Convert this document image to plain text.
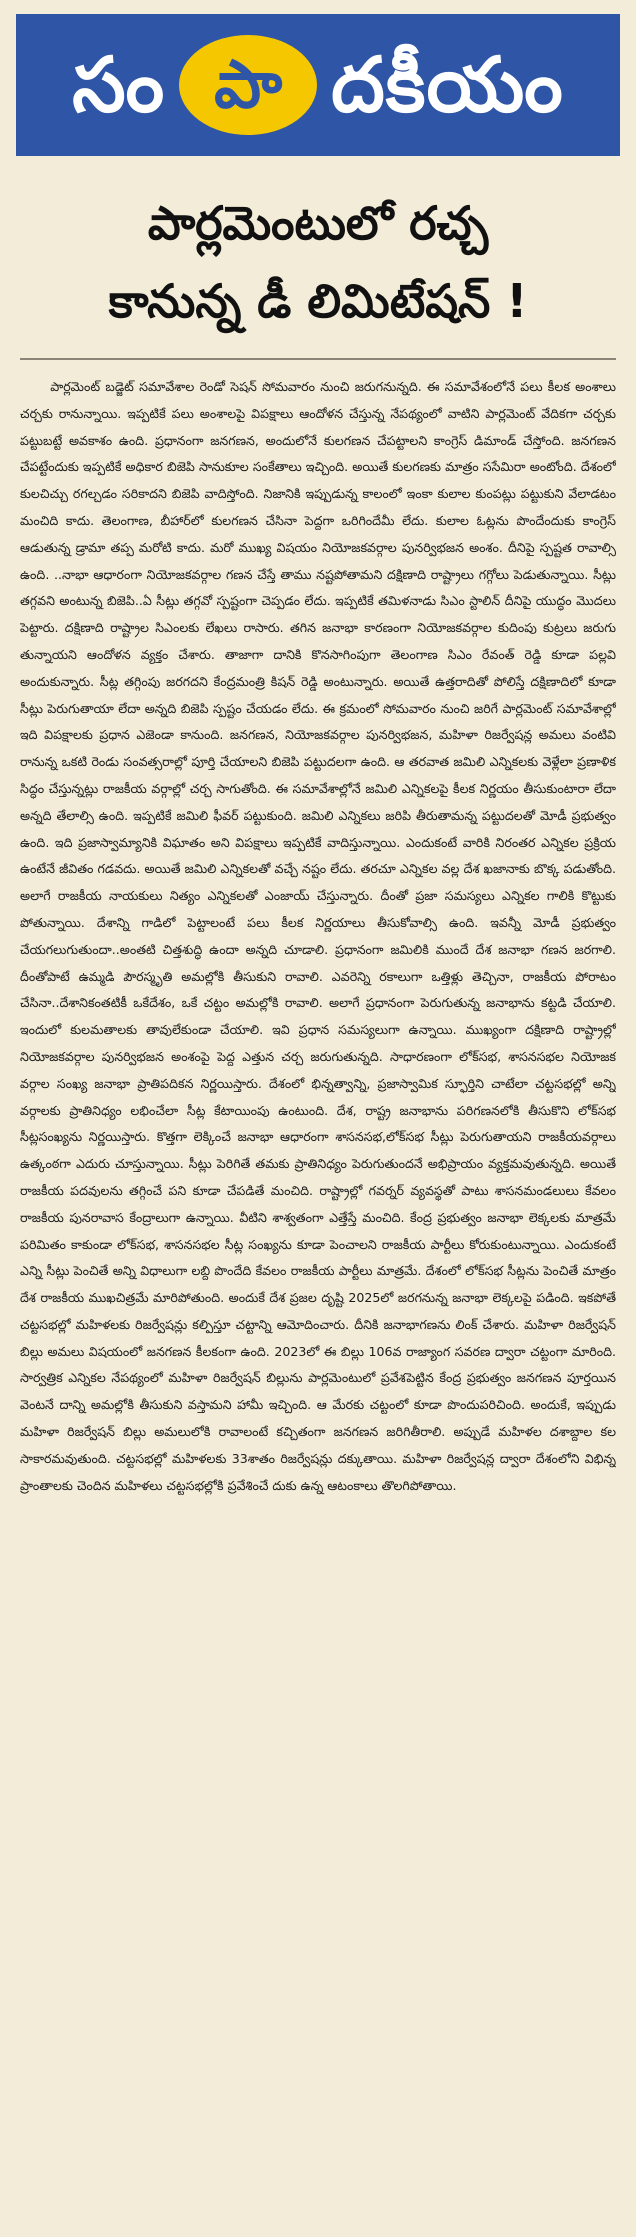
సం పా దకీయం
పార్లమెంటులో రచ్చ
కానున్న డీ లిమిటేషన్ !

పార్లమెంట్ బడ్జెట్ సమావేశాల రెండో సెషన్ సోమవారం నుంచి జరుగనున్నది. ఈ సమావేశంలోనే పలు కీలక అంశాలు చర్చకు రానున్నాయి. ఇప్పటికే పలు అంశాలపై విపక్షాలు ఆందోళన చేస్తున్న నేపథ్యంలో వాటిని పార్లమెంట్ వేదికగా చర్చకు పట్టుబట్టే అవకాశం ఉంది. ప్రధానంగా జనగణన, అందులోనే కులగణన చేపట్టాలని కాంగ్రెస్ డిమాండ్ చేస్తోంది. జనగణన చేపట్టేందుకు ఇప్పటికే అధికార బిజెపి సానుకూల సంకేతాలు ఇచ్చింది. అయితే కులగణకు మాత్రం ససేమిరా అంటోంది. దేశంలో కులచిచ్చు రగల్చడం సరికాదని బిజెపి వాదిస్తోంది. నిజానికి ఇప్పుడున్న కాలంలో ఇంకా కులాల కుంపట్లు పట్టుకుని వేలాడటం మంచిది కాదు. తెలంగాణ, బీహార్‌లో కులగణన చేసినా పెద్దగా ఒరిగిందేమీ లేదు. కులాల ఓట్లను పొందేందుకు కాంగ్రెస్ ఆడుతున్న డ్రామా తప్ప మరోటి కాదు. మరో ముఖ్య విషయం నియోజకవర్గాల పునర్విభజన అంశం. దీనిపై స్పష్టత రావాల్సి ఉంది. ..నాభా ఆధారంగా నియోజకవర్గాల గణన చేస్తే తాము నష్టపోతామని దక్షిణాది రాష్ట్రాలు గగ్గోలు పెడుతున్నాయి. సీట్లు తగ్గవని అంటున్న బిజెపి..ఏ సీట్లు తగ్గవో స్పష్టంగా చెప్పడం లేదు. ఇప్పటికే తమిళనాడు సిఎం స్టాలిన్ దీనిపై యుద్ధం మొదలు పెట్టారు. దక్షిణాది రాష్ట్రాల సిఎంలకు లేఖలు రాసారు. తగిన జనాభా కారణంగా నియోజకవర్గాల కుదింపు కుట్రలు జరుగు తున్నాయని ఆందోళన వ్యక్తం చేశారు. తాజాగా దానికి కొనసాగింపుగా తెలంగాణ సిఎం రేవంత్ రెడ్డి కూడా పల్లవి అందుకున్నారు. సీట్ల తగ్గింపు జరగదని కేంద్రమంత్రి కిషన్ రెడ్డి అంటున్నారు. అయితే ఉత్తరాదితో పోలిస్తే దక్షిణాదిలో కూడా సీట్లు పెరుగుతాయా లేదా అన్నది బిజెపి స్పష్టం చేయడం లేదు. ఈ క్రమంలో సోమవారం నుంచి జరిగే పార్లమెంట్ సమావేశాల్లో ఇది విపక్షాలకు ప్రధాన ఎజెండా కానుంది. జనగణన, నియోజకవర్గాల పునర్విభజన, మహిళా రిజర్వేషన్ల అమలు వంటివి రానున్న ఒకటి రెండు సంవత్సరాల్లో పూర్తి చేయాలని బిజెపి పట్టుదలగా ఉంది. ఆ తరవాత జమిలి ఎన్నికలకు వెళ్లేలా ప్రణాళిక సిద్ధం చేస్తున్నట్లు రాజకీయ వర్గాల్లో చర్చ సాగుతోంది. ఈ సమావేశాల్లోనే జమిలి ఎన్నికలపై కీలక నిర్ణయం తీసుకుంటారా లేదా అన్నది తేలాల్సి ఉంది. ఇప్పటికే జమిలి ఫీవర్ పట్టుకుంది. జమిలి ఎన్నికలు జరిపి తీరుతామన్న పట్టుదలతో మోడీ ప్రభుత్వం ఉంది. ఇది ప్రజాస్వామ్యానికి విఘాతం అని విపక్షాలు ఇప్పటికే వాదిస్తున్నాయి. ఎందుకంటే వారికి నిరంతర ఎన్నికల ప్రక్రియ ఉంటేనే జీవితం గడవదు. అయితే జమిలి ఎన్నికలతో వచ్చే నష్టం లేదు. తరచూ ఎన్నికల వల్ల దేశ ఖజానాకు బొక్క పడుతోంది. అలాగే రాజకీయ నాయకులు నిత్యం ఎన్నికలతో ఎంజాయ్ చేస్తున్నారు. దీంతో ప్రజా సమస్యలు ఎన్నికల గాలికి కొట్టుకు పోతున్నాయి. దేశాన్ని గాడిలో పెట్టాలంటే పలు కీలక నిర్ణయాలు తీసుకోవాల్సి ఉంది. ఇవన్నీ మోడీ ప్రభుత్వం చేయగలుగుతుందా..అంతటి చిత్తశుద్ధి ఉందా అన్నది చూడాలి. ప్రధానంగా జమిలికి ముందే దేశ జనాభా గణన జరగాలి. దీంతోపాటే ఉమ్మడి పౌరస్మృతి అమల్లోకి తీసుకుని రావాలి. ఎవరెన్ని రకాలుగా ఒత్తిళ్లు తెచ్చినా, రాజకీయ పోరాటం చేసినా..దేశానికంతటికీ ఒకేదేశం, ఒకే చట్టం అమల్లోకి రావాలి. అలాగే ప్రధానంగా పెరుగుతున్న జనాభాను కట్టడి చేయాలి. ఇందులో కులమతాలకు తావులేకుండా చేయాలి. ఇవి ప్రధాన సమస్యలుగా ఉన్నాయి. ముఖ్యంగా దక్షిణాది రాష్ట్రాల్లో నియోజకవర్గాల పునర్విభజన అంశంపై పెద్ద ఎత్తున చర్చ జరుగుతున్నది. సాధారణంగా లోక్‌సభ, శాసనసభల నియోజక వర్గాల సంఖ్య జనాభా ప్రాతిపదికన నిర్ణయిస్తారు. దేశంలో భిన్నత్వాన్ని, ప్రజాస్వామిక స్ఫూర్తిని చాటేలా చట్టసభల్లో అన్ని వర్గాలకు ప్రాతినిధ్యం లభించేలా సీట్ల కేటాయింపు ఉంటుంది. దేశ, రాష్ట్ర జనాభాను పరిగణనలోకి తీసుకొని లోక్‌సభ సీట్లసంఖ్యను నిర్ణయిస్తారు. కొత్తగా లెక్కించే జనాభా ఆధారంగా శాసనసభ,లోక్‌సభ సీట్లు పెరుగుతాయని రాజకీయవర్గాలు ఉత్కంఠగా ఎదురు చూస్తున్నాయి. సీట్లు పెరిగితే తమకు ప్రాతినిధ్యం పెరుగుతుందనే అభిప్రాయం వ్యక్తమవుతున్నది. అయితే రాజకీయ పదవులను తగ్గించే పని కూడా చేపడితే మంచిది. రాష్ట్రాల్లో గవర్నర్ వ్యవస్థతో పాటు శాసనమండలులు కేవలం రాజకీయ పునరావాస కేంద్రాలుగా ఉన్నాయి. వీటిని శాశ్వతంగా ఎత్తేస్తే మంచిది. కేంద్ర ప్రభుత్వం జనాభా లెక్కలకు మాత్రమే పరిమితం కాకుండా లోక్‌సభ, శాసనసభల సీట్ల సంఖ్యను కూడా పెంచాలని రాజకీయ పార్టీలు కోరుకుంటున్నాయి. ఎందుకంటే ఎన్ని సీట్లు పెంచితే అన్ని విధాలుగా లబ్ది పొందేది కేవలం రాజకీయ పార్టీలు మాత్రమే. దేశంలో లోక్‌సభ సీట్లను పెంచితే మాత్రం దేశ రాజకీయ ముఖచిత్రమే మారిపోతుంది. అందుకే దేశ ప్రజల దృష్టి 2025లో జరగనున్న జనాభా లెక్కలపై పడింది. ఇకపోతే చట్టసభల్లో మహిళలకు రిజర్వేషన్లు కల్పిస్తూ చట్టాన్ని ఆమోదించారు. దీనికి జనాభాగణను లింక్ చేశారు. మహిళా రిజర్వేషన్ బిల్లు అమలు విషయంలో జనగణన కీలకంగా ఉంది. 2023లో ఈ బిల్లు 106వ రాజ్యాంగ సవరణ ద్వారా చట్టంగా మారింది. సార్వత్రిక ఎన్నికల నేపథ్యంలో మహిళా రిజర్వేషన్ బిల్లును పార్లమెంటులో ప్రవేశపెట్టిన కేంద్ర ప్రభుత్వం జనగణన పూర్తయిన వెంటనే దాన్ని అమల్లోకి తీసుకుని వస్తామని హామీ ఇచ్చింది. ఆ మేరకు చట్టంలో కూడా పొందుపరిచింది. అందుకే, ఇప్పుడు మహిళా రిజర్వేషన్ బిల్లు అమలులోకి రావాలంటే కచ్చితంగా జనగణన జరిగితీరాలి. అప్పుడే మహిళల దశాబ్దాల కల సాకారమవుతుంది. చట్టసభల్లో మహిళలకు 33శాతం రిజర్వేషన్లు దక్కుతాయి. మహిళా రిజర్వేషన్ల ద్వారా దేశంలోని విభిన్న ప్రాంతాలకు చెందిన మహిళలు చట్టసభల్లోకి ప్రవేశించే దుకు ఉన్న ఆటంకాలు తొలగిపోతాయి.
